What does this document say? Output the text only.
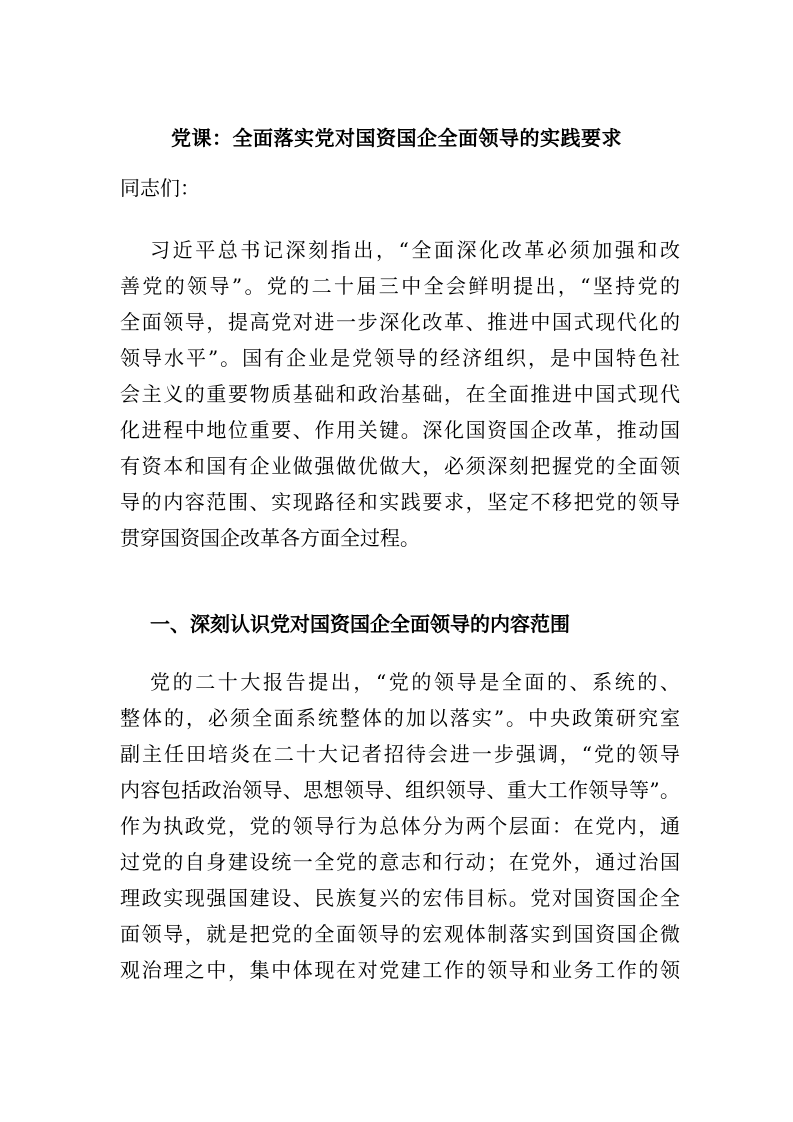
党课：全面落实党对国资国企全面领导的实践要求
同志们：
习近平总书记深刻指出，“全面深化改革必须加强和改
善党的领导”。党的二十届三中全会鲜明提出，“坚持党的
全面领导，提高党对进一步深化改革、推进中国式现代化的
领导水平”。国有企业是党领导的经济组织，是中国特色社
会主义的重要物质基础和政治基础，在全面推进中国式现代
化进程中地位重要、作用关键。深化国资国企改革，推动国
有资本和国有企业做强做优做大，必须深刻把握党的全面领
导的内容范围、实现路径和实践要求，坚定不移把党的领导
贯穿国资国企改革各方面全过程。
一、深刻认识党对国资国企全面领导的内容范围
党的二十大报告提出，“党的领导是全面的、系统的、
整体的，必须全面系统整体的加以落实”。中央政策研究室
副主任田培炎在二十大记者招待会进一步强调，“党的领导
内容包括政治领导、思想领导、组织领导、重大工作领导等”。
作为执政党，党的领导行为总体分为两个层面：在党内，通
过党的自身建设统一全党的意志和行动；在党外，通过治国
理政实现强国建设、民族复兴的宏伟目标。党对国资国企全
面领导，就是把党的全面领导的宏观体制落实到国资国企微
观治理之中，集中体现在对党建工作的领导和业务工作的领
